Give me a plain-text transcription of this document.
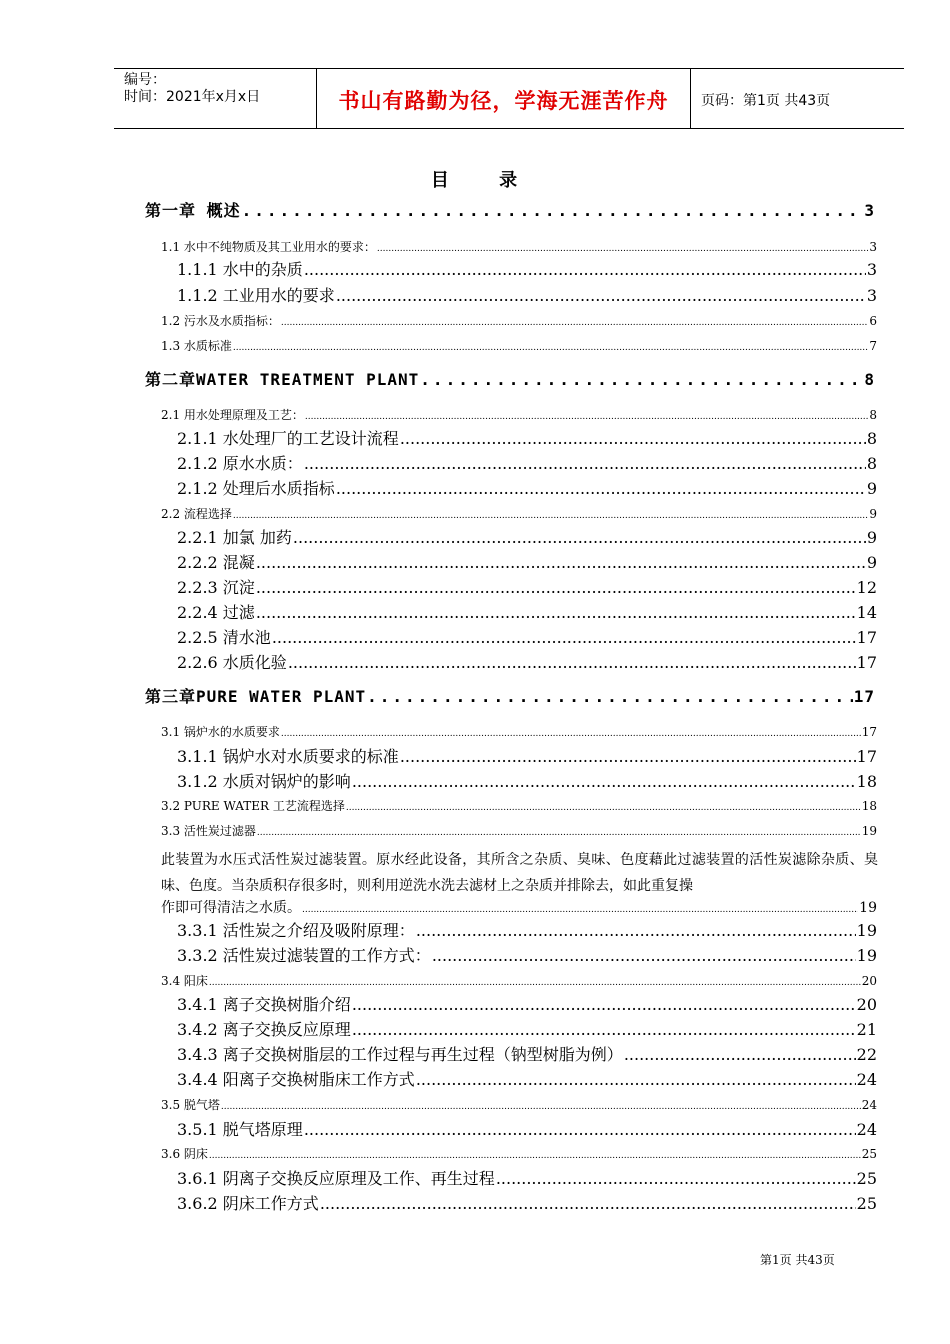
编号：
时间：2021年x月x日	书山有路勤为径，学海无涯苦作舟	页码：第1页 共43页
目 录
第一章 概述 .....	3
1.1 水中不纯物质及其工业用水的要求： .....	3
1.1.1 水中的杂质 .....	3
1.1.2 工业用水的要求 .....	3
1.2 污水及水质指标： .....	6
1.3 水质标准 .....	7
第二章WATER TREATMENT PLANT .....	8
2.1 用水处理原理及工艺： .....	8
2.1.1 水处理厂的工艺设计流程 .....	8
2.1.2 原水水质： .....	8
2.1.2 处理后水质指标 .....	9
2.2 流程选择 .....	9
2.2.1 加氯 加药 .....	9
2.2.2 混凝 .....	9
2.2.3 沉淀 .....	12
2.2.4 过滤 .....	14
2.2.5 清水池 .....	17
2.2.6 水质化验 .....	17
第三章PURE WATER PLANT .....	17
3.1 锅炉水的水质要求 .....	17
3.1.1 锅炉水对水质要求的标准 .....	17
3.1.2 水质对锅炉的影响 .....	18
3.2 PURE WATER 工艺流程选择 .....	18
3.3 活性炭过滤器 .....	19
此装置为水压式活性炭过滤装置。原水经此设备，其所含之杂质、臭味、色度藉此过滤装置的活性炭滤除杂质、臭味、色度。当杂质积存很多时，则利用逆洗水洗去滤材上之杂质并排除去，如此重复操
作即可得清洁之水质。 .....	19
3.3.1 活性炭之介绍及吸附原理： .....	19
3.3.2 活性炭过滤装置的工作方式： .....	19
3.4 阳床 .....	20
3.4.1 离子交换树脂介绍 .....	20
3.4.2 离子交换反应原理 .....	21
3.4.3 离子交换树脂层的工作过程与再生过程（钠型树脂为例） .....	22
3.4.4 阳离子交换树脂床工作方式 .....	24
3.5 脱气塔 .....	24
3.5.1 脱气塔原理 .....	24
3.6 阴床 .....	25
3.6.1 阴离子交换反应原理及工作、再生过程 .....	25
3.6.2 阴床工作方式 .....	25
第1页 共43页
